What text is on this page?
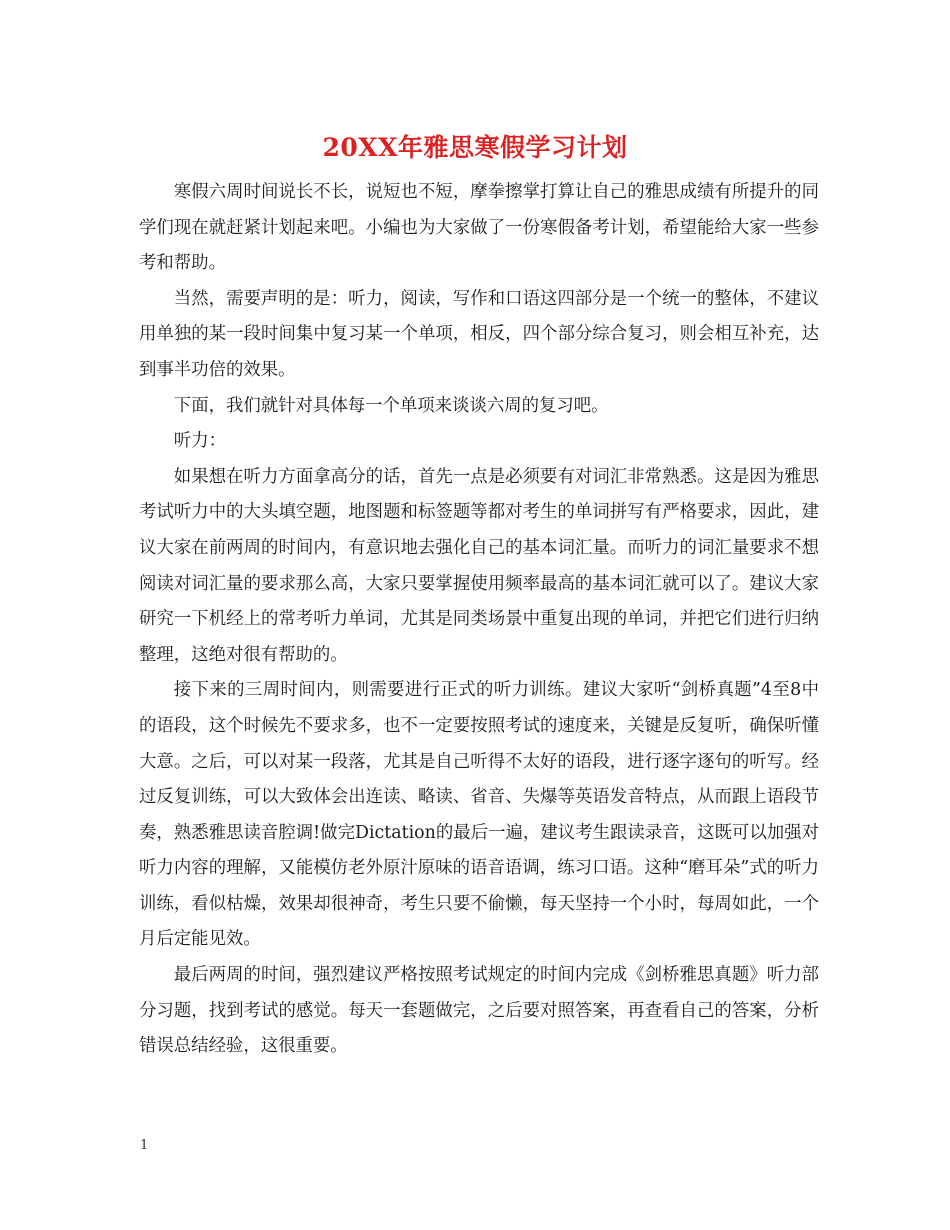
20XX年雅思寒假学习计划

寒假六周时间说长不长，说短也不短，摩拳擦掌打算让自己的雅思成绩有所提升的同学们现在就赶紧计划起来吧。小编也为大家做了一份寒假备考计划，希望能给大家一些参考和帮助。

当然，需要声明的是：听力，阅读，写作和口语这四部分是一个统一的整体，不建议用单独的某一段时间集中复习某一个单项，相反，四个部分综合复习，则会相互补充，达到事半功倍的效果。

下面，我们就针对具体每一个单项来谈谈六周的复习吧。

听力：

如果想在听力方面拿高分的话，首先一点是必须要有对词汇非常熟悉。这是因为雅思考试听力中的大头填空题，地图题和标签题等都对考生的单词拼写有严格要求，因此，建议大家在前两周的时间内，有意识地去强化自己的基本词汇量。而听力的词汇量要求不想阅读对词汇量的要求那么高，大家只要掌握使用频率最高的基本词汇就可以了。建议大家研究一下机经上的常考听力单词，尤其是同类场景中重复出现的单词，并把它们进行归纳整理，这绝对很有帮助的。

接下来的三周时间内，则需要进行正式的听力训练。建议大家听“剑桥真题”4至8中的语段，这个时候先不要求多，也不一定要按照考试的速度来，关键是反复听，确保听懂大意。之后，可以对某一段落，尤其是自己听得不太好的语段，进行逐字逐句的听写。经过反复训练，可以大致体会出连读、略读、省音、失爆等英语发音特点，从而跟上语段节奏，熟悉雅思读音腔调!做完Dictation的最后一遍，建议考生跟读录音，这既可以加强对听力内容的理解，又能模仿老外原汁原味的语音语调，练习口语。这种“磨耳朵”式的听力训练，看似枯燥，效果却很神奇，考生只要不偷懒，每天坚持一个小时，每周如此，一个月后定能见效。

最后两周的时间，强烈建议严格按照考试规定的时间内完成《剑桥雅思真题》听力部分习题，找到考试的感觉。每天一套题做完，之后要对照答案，再查看自己的答案，分析错误总结经验，这很重要。

1
